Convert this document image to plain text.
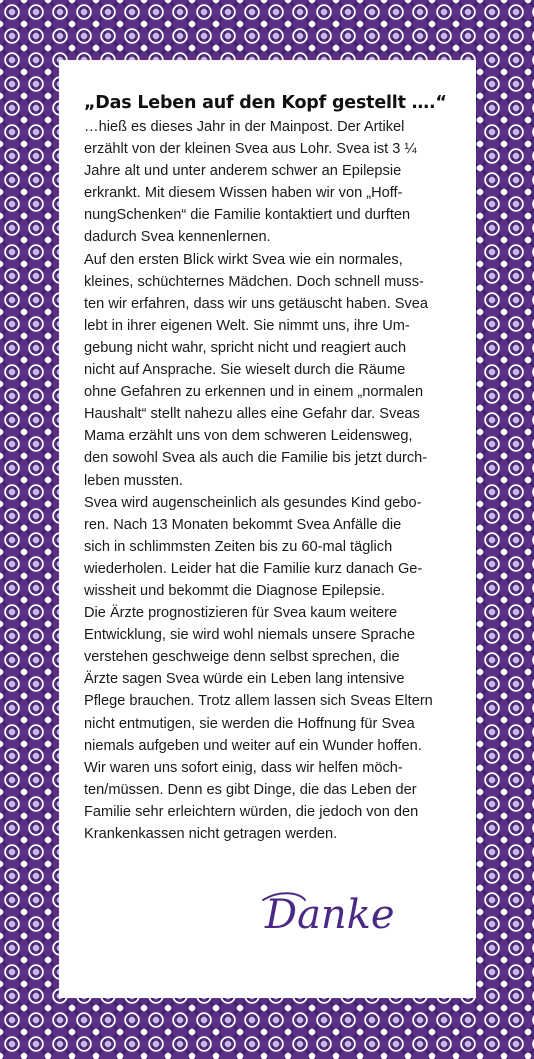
„Das Leben auf den Kopf gestellt ….“

…hieß es dieses Jahr in der Mainpost. Der Artikel
erzählt von der kleinen Svea aus Lohr. Svea ist 3 ¼
Jahre alt und unter anderem schwer an Epilepsie
erkrankt. Mit diesem Wissen haben wir von „Hoff-
nungSchenken“ die Familie kontaktiert und durften
dadurch Svea kennenlernen.
Auf den ersten Blick wirkt Svea wie ein normales,
kleines, schüchternes Mädchen. Doch schnell muss-
ten wir erfahren, dass wir uns getäuscht haben. Svea
lebt in ihrer eigenen Welt. Sie nimmt uns, ihre Um-
gebung nicht wahr, spricht nicht und reagiert auch
nicht auf Ansprache. Sie wieselt durch die Räume
ohne Gefahren zu erkennen und in einem „normalen
Haushalt“ stellt nahezu alles eine Gefahr dar. Sveas
Mama erzählt uns von dem schweren Leidensweg,
den sowohl Svea als auch die Familie bis jetzt durch-
leben mussten.
Svea wird augenscheinlich als gesundes Kind gebo-
ren. Nach 13 Monaten bekommt Svea Anfälle die
sich in schlimmsten Zeiten bis zu 60-mal täglich
wiederholen. Leider hat die Familie kurz danach Ge-
wissheit und bekommt die Diagnose Epilepsie.
Die Ärzte prognostizieren für Svea kaum weitere
Entwicklung, sie wird wohl niemals unsere Sprache
verstehen geschweige denn selbst sprechen, die
Ärzte sagen Svea würde ein Leben lang intensive
Pflege brauchen. Trotz allem lassen sich Sveas Eltern
nicht entmutigen, sie werden die Hoffnung für Svea
niemals aufgeben und weiter auf ein Wunder hoffen.
Wir waren uns sofort einig, dass wir helfen möch-
ten/müssen. Denn es gibt Dinge, die das Leben der
Familie sehr erleichtern würden, die jedoch von den
Krankenkassen nicht getragen werden.

Danke
